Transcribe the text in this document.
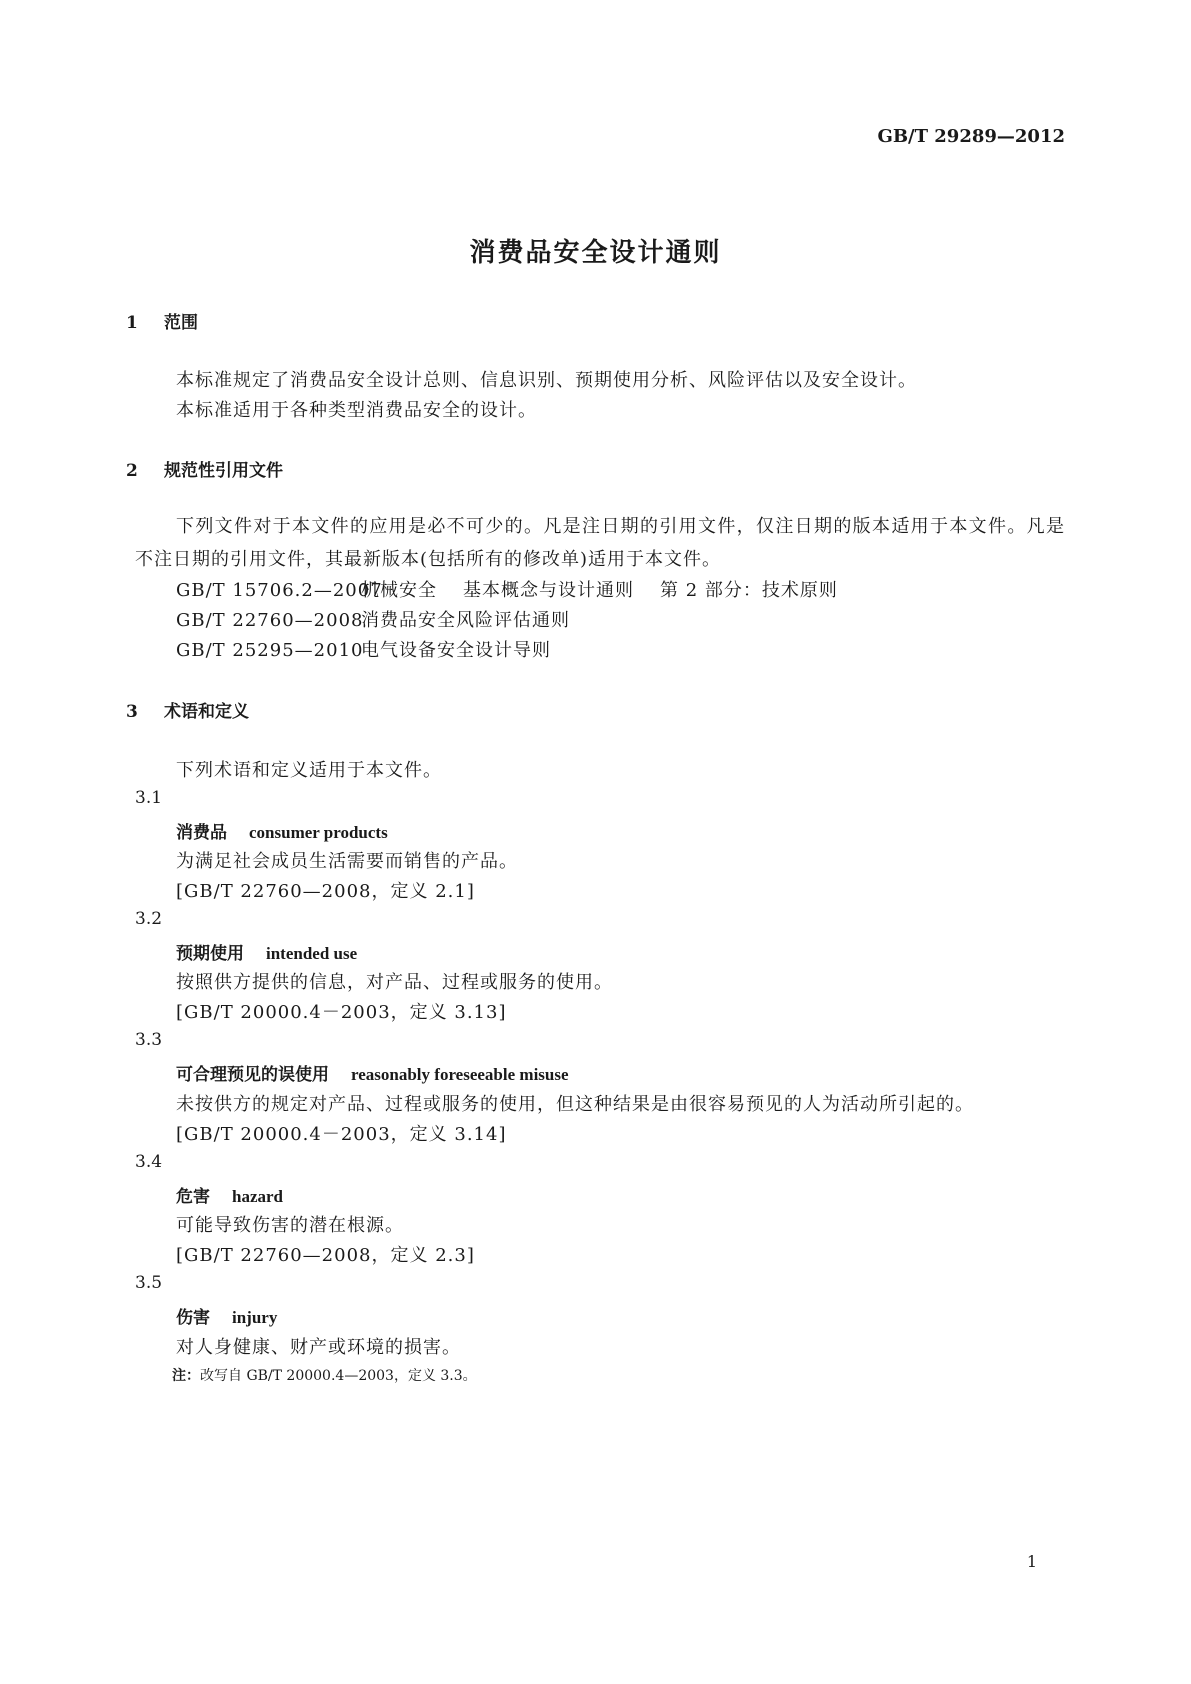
GB/T 29289—2012
消费品安全设计通则
1 范围
本标准规定了消费品安全设计总则、信息识别、预期使用分析、风险评估以及安全设计。
本标准适用于各种类型消费品安全的设计。
2 规范性引用文件
下列文件对于本文件的应用是必不可少的。凡是注日期的引用文件，仅注日期的版本适用于本文件。凡是不注日期的引用文件，其最新版本(包括所有的修改单)适用于本文件。
GB/T 15706.2—2007机械安全 基本概念与设计通则 第 2 部分：技术原则
GB/T 22760—2008消费品安全风险评估通则
GB/T 25295—2010电气设备安全设计导则
3 术语和定义
下列术语和定义适用于本文件。
3.1
消费品 consumer products
为满足社会成员生活需要而销售的产品。
[GB/T 22760—2008，定义 2.1]
3.2
预期使用 intended use
按照供方提供的信息，对产品、过程或服务的使用。
[GB/T 20000.4－2003，定义 3.13]
3.3
可合理预见的误使用 reasonably foreseeable misuse
未按供方的规定对产品、过程或服务的使用，但这种结果是由很容易预见的人为活动所引起的。
[GB/T 20000.4－2003，定义 3.14]
3.4
危害 hazard
可能导致伤害的潜在根源。
[GB/T 22760—2008，定义 2.3]
3.5
伤害 injury
对人身健康、财产或环境的损害。
注：改写自 GB/T 20000.4—2003，定义 3.3。
1
